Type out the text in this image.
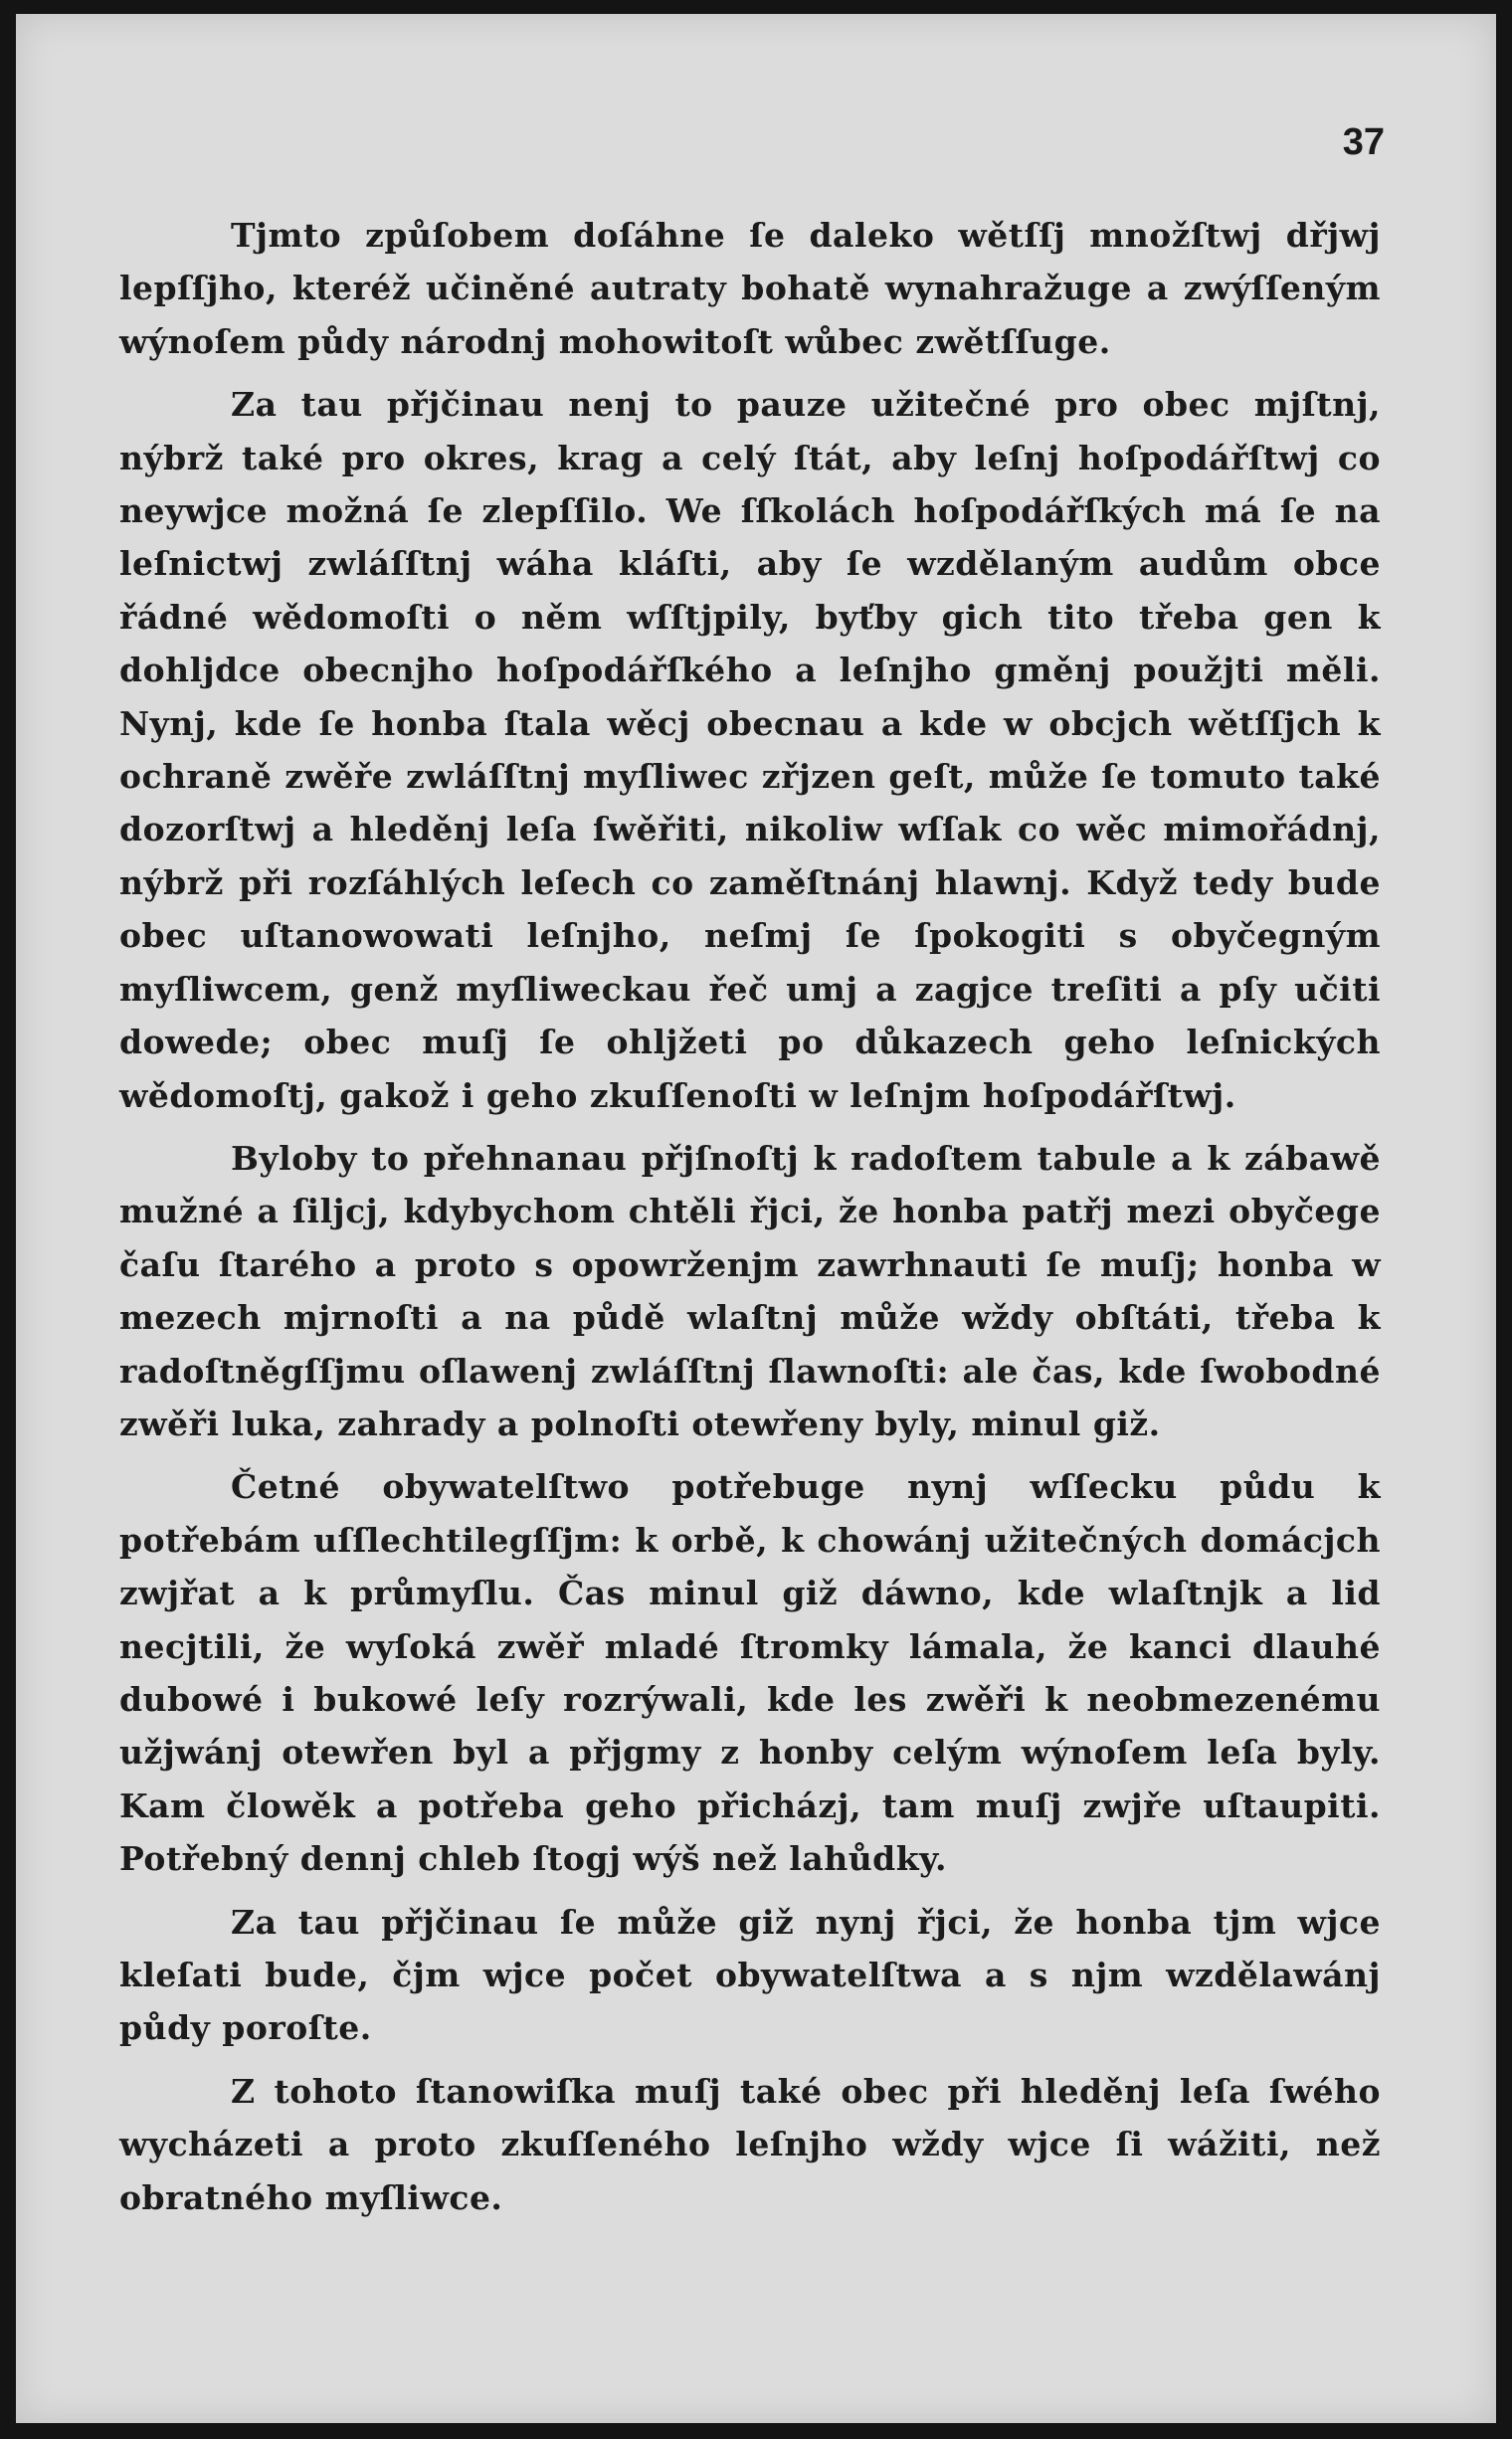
37

Tjmto způſobem doſáhne ſe daleko wětſſj množſtwj dřjwj lepſſjho, kteréž učiněné autraty bohatě wynahražuge a zwýſſeným wýnoſem půdy národnj mohowitoſt wůbec zwětſſuge.

Za tau přjčinau nenj to pauze užitečné pro obec mjſtnj, nýbrž také pro okres, krag a celý ſtát, aby leſnj hoſpodářſtwj co neywjce možná ſe zlepſſilo. We ſſkolách hoſpodářſkých má ſe na leſnictwj zwláſſtnj wáha kláſti, aby ſe wzdělaným audům obce řádné wědomoſti o něm wſſtjpily, byťby gich tito třeba gen k dohljdce obecnjho hoſpodářſkého a leſnjho gměnj použjti měli. Nynj, kde ſe honba ſtala wěcj obecnau a kde w obcjch wětſſjch k ochraně zwěře zwláſſtnj myſliwec zřjzen geſt, může ſe tomuto také dozorſtwj a hleděnj leſa ſwěřiti, nikoliw wſſak co wěc mimořádnj, nýbrž při rozſáhlých leſech co zaměſtnánj hlawnj. Když tedy bude obec uſtanowowati leſnjho, neſmj ſe ſpokogiti s obyčegným myſliwcem, genž myſliweckau řeč umj a zagjce treſiti a pſy učiti dowede; obec muſj ſe ohljžeti po důkazech geho leſnických wědomoſtj, gakož i geho zkuſſenoſti w leſnjm hoſpodářſtwj.

Byloby to přehnanau přjſnoſtj k radoſtem tabule a k zábawě mužné a ſiljcj, kdybychom chtěli řjci, že honba patřj mezi obyčege čaſu ſtarého a proto s opowrženjm zawrhnauti ſe muſj; honba w mezech mjrnoſti a na půdě wlaſtnj může wždy obſtáti, třeba k radoſtněgſſjmu oſlawenj zwláſſtnj ſlawnoſti: ale čas, kde ſwobodné zwěři luka, zahrady a polnoſti otewřeny byly, minul giž.

Četné obywatelſtwo potřebuge nynj wſſecku půdu k potřebám uſſlechtilegſſjm: k orbě, k chowánj užitečných domácjch zwjřat a k průmyſlu. Čas minul giž dáwno, kde wlaſtnjk a lid necjtili, že wyſoká zwěř mladé ſtromky lámala, že kanci dlauhé dubowé i bukowé leſy rozrýwali, kde les zwěři k neobmezenému užjwánj otewřen byl a přjgmy z honby celým wýnoſem leſa byly. Kam člowěk a potřeba geho přicházj, tam muſj zwjře uſtaupiti. Potřebný dennj chleb ſtogj wýš než lahůdky.

Za tau přjčinau ſe může giž nynj řjci, že honba tjm wjce kleſati bude, čjm wjce počet obywatelſtwa a s njm wzdělawánj půdy poroſte.

Z tohoto ſtanowiſka muſj také obec při hleděnj leſa ſwého wycházeti a proto zkuſſeného leſnjho wždy wjce ſi wážiti, než obratného myſliwce.
